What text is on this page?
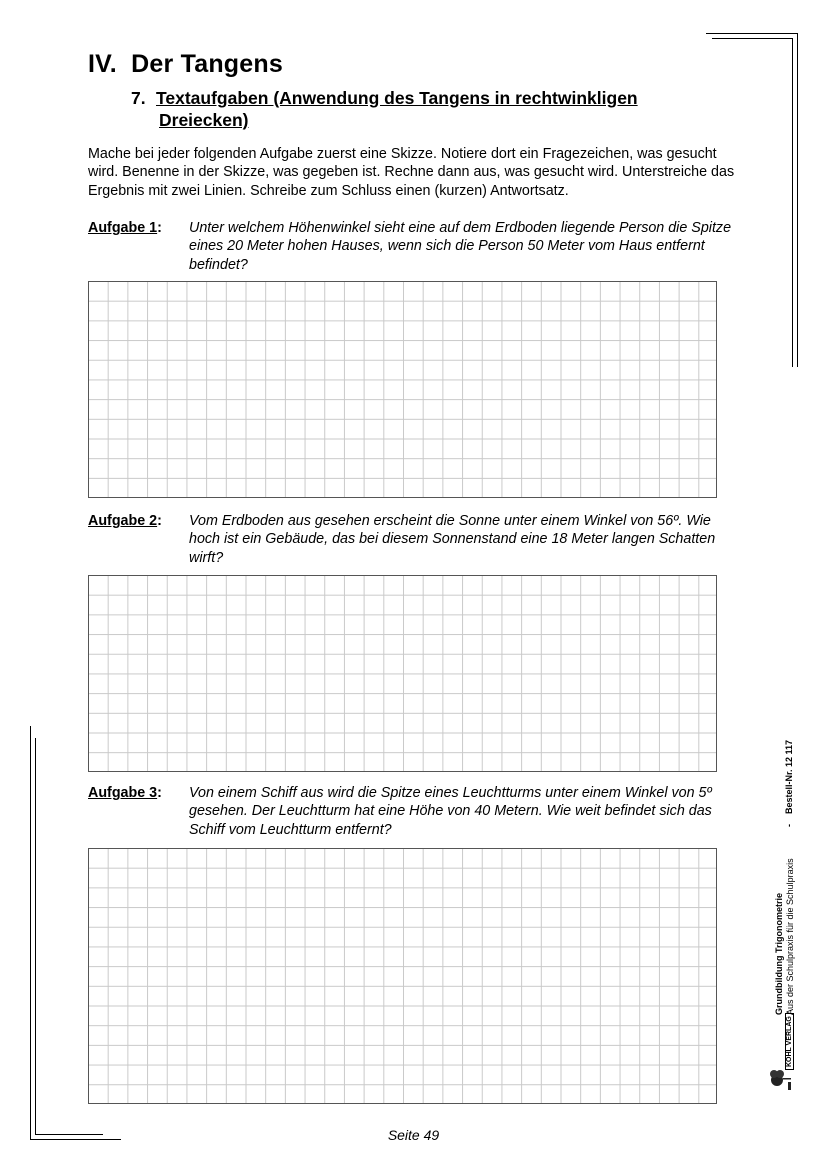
IV. Der Tangens
7. Textaufgaben (Anwendung des Tangens in rechtwinkligen
Dreiecken)

Mache bei jeder folgenden Aufgabe zuerst eine Skizze. Notiere dort ein Fragezeichen, was gesucht wird. Benenne in der Skizze, was gegeben ist. Rechne dann aus, was gesucht wird. Unterstreiche das Ergebnis mit zwei Linien. Schreibe zum Schluss einen (kurzen) Antwortsatz.

Aufgabe 1: Unter welchem Höhenwinkel sieht eine auf dem Erdboden liegende Person die Spitze eines 20 Meter hohen Hauses, wenn sich die Person 50 Meter vom Haus entfernt befindet?

Aufgabe 2: Vom Erdboden aus gesehen erscheint die Sonne unter einem Winkel von 56º. Wie hoch ist ein Gebäude, das bei diesem Sonnenstand eine 18 Meter langen Schatten wirft?

Aufgabe 3: Von einem Schiff aus wird die Spitze eines Leuchtturms unter einem Winkel von 5º gesehen. Der Leuchtturm hat eine Höhe von 40 Metern. Wie weit befindet sich das Schiff vom Leuchtturm entfernt?

Seite 49
Grundbildung Trigonometrie Aus der Schulpraxis für die Schulpraxis
-    Bestell-Nr. 12 117
KOHL VERLAG
